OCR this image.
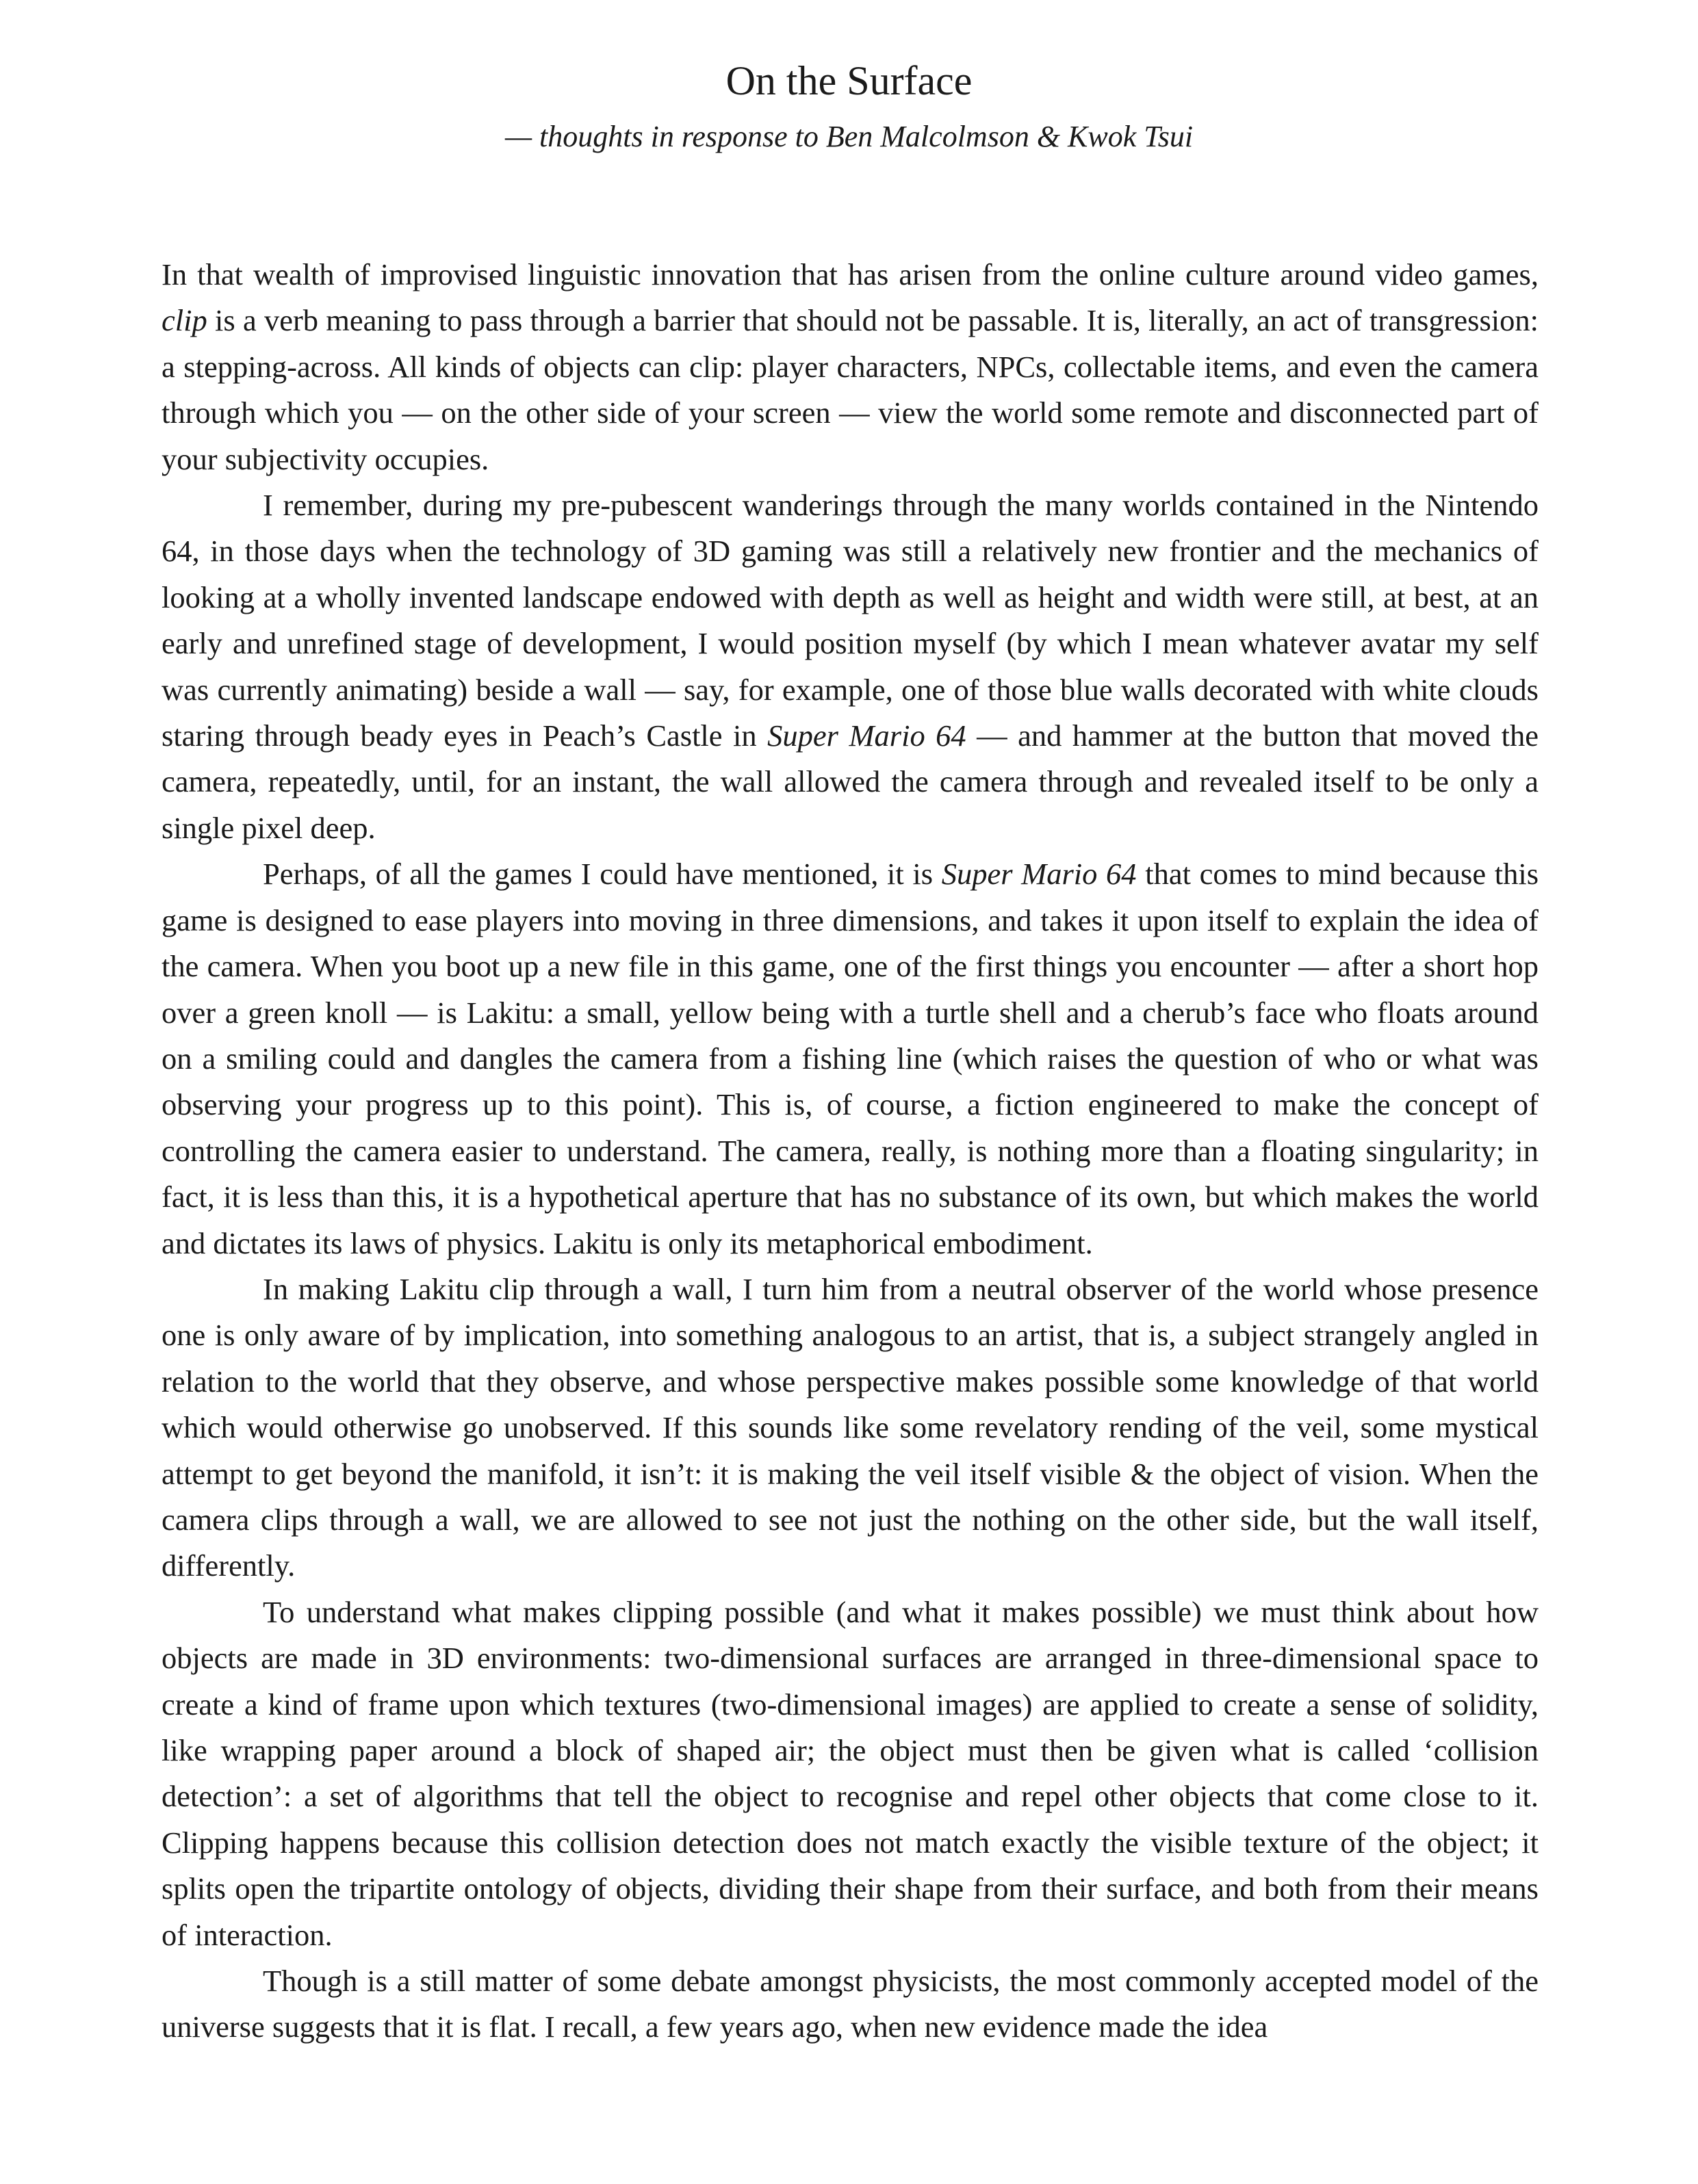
On the Surface
— thoughts in response to Ben Malcolmson & Kwok Tsui

In that wealth of improvised linguistic innovation that has arisen from the online culture around video games, clip is a verb meaning to pass through a barrier that should not be passable. It is, literally, an act of transgression: a stepping-across. All kinds of objects can clip: player characters, NPCs, collectable items, and even the camera through which you — on the other side of your screen — view the world some remote and disconnected part of your subjectivity occupies.

I remember, during my pre-pubescent wanderings through the many worlds contained in the Nintendo 64, in those days when the technology of 3D gaming was still a relatively new frontier and the mechanics of looking at a wholly invented landscape endowed with depth as well as height and width were still, at best, at an early and unrefined stage of development, I would position myself (by which I mean whatever avatar my self was currently animating) beside a wall — say, for example, one of those blue walls decorated with white clouds staring through beady eyes in Peach’s Castle in Super Mario 64 — and hammer at the button that moved the camera, repeatedly, until, for an instant, the wall allowed the camera through and revealed itself to be only a single pixel deep.

Perhaps, of all the games I could have mentioned, it is Super Mario 64 that comes to mind because this game is designed to ease players into moving in three dimensions, and takes it upon itself to explain the idea of the camera. When you boot up a new file in this game, one of the first things you encounter — after a short hop over a green knoll — is Lakitu: a small, yellow being with a turtle shell and a cherub’s face who floats around on a smiling could and dangles the camera from a fishing line (which raises the question of who or what was observing your progress up to this point). This is, of course, a fiction engineered to make the concept of controlling the camera easier to understand. The camera, really, is nothing more than a floating singularity; in fact, it is less than this, it is a hypothetical aperture that has no substance of its own, but which makes the world and dictates its laws of physics. Lakitu is only its metaphorical embodiment.

In making Lakitu clip through a wall, I turn him from a neutral observer of the world whose presence one is only aware of by implication, into something analogous to an artist, that is, a subject strangely angled in relation to the world that they observe, and whose perspective makes possible some knowledge of that world which would otherwise go unobserved. If this sounds like some revelatory rending of the veil, some mystical attempt to get beyond the manifold, it isn’t: it is making the veil itself visible & the object of vision. When the camera clips through a wall, we are allowed to see not just the nothing on the other side, but the wall itself, differently.

To understand what makes clipping possible (and what it makes possible) we must think about how objects are made in 3D environments: two-dimensional surfaces are arranged in three-dimensional space to create a kind of frame upon which textures (two-dimensional images) are applied to create a sense of solidity, like wrapping paper around a block of shaped air; the object must then be given what is called ‘collision detection’: a set of algorithms that tell the object to recognise and repel other objects that come close to it. Clipping happens because this collision detection does not match exactly the visible texture of the object; it splits open the tripartite ontology of objects, dividing their shape from their surface, and both from their means of interaction.

Though is a still matter of some debate amongst physicists, the most commonly accepted model of the universe suggests that it is flat. I recall, a few years ago, when new evidence made the idea
